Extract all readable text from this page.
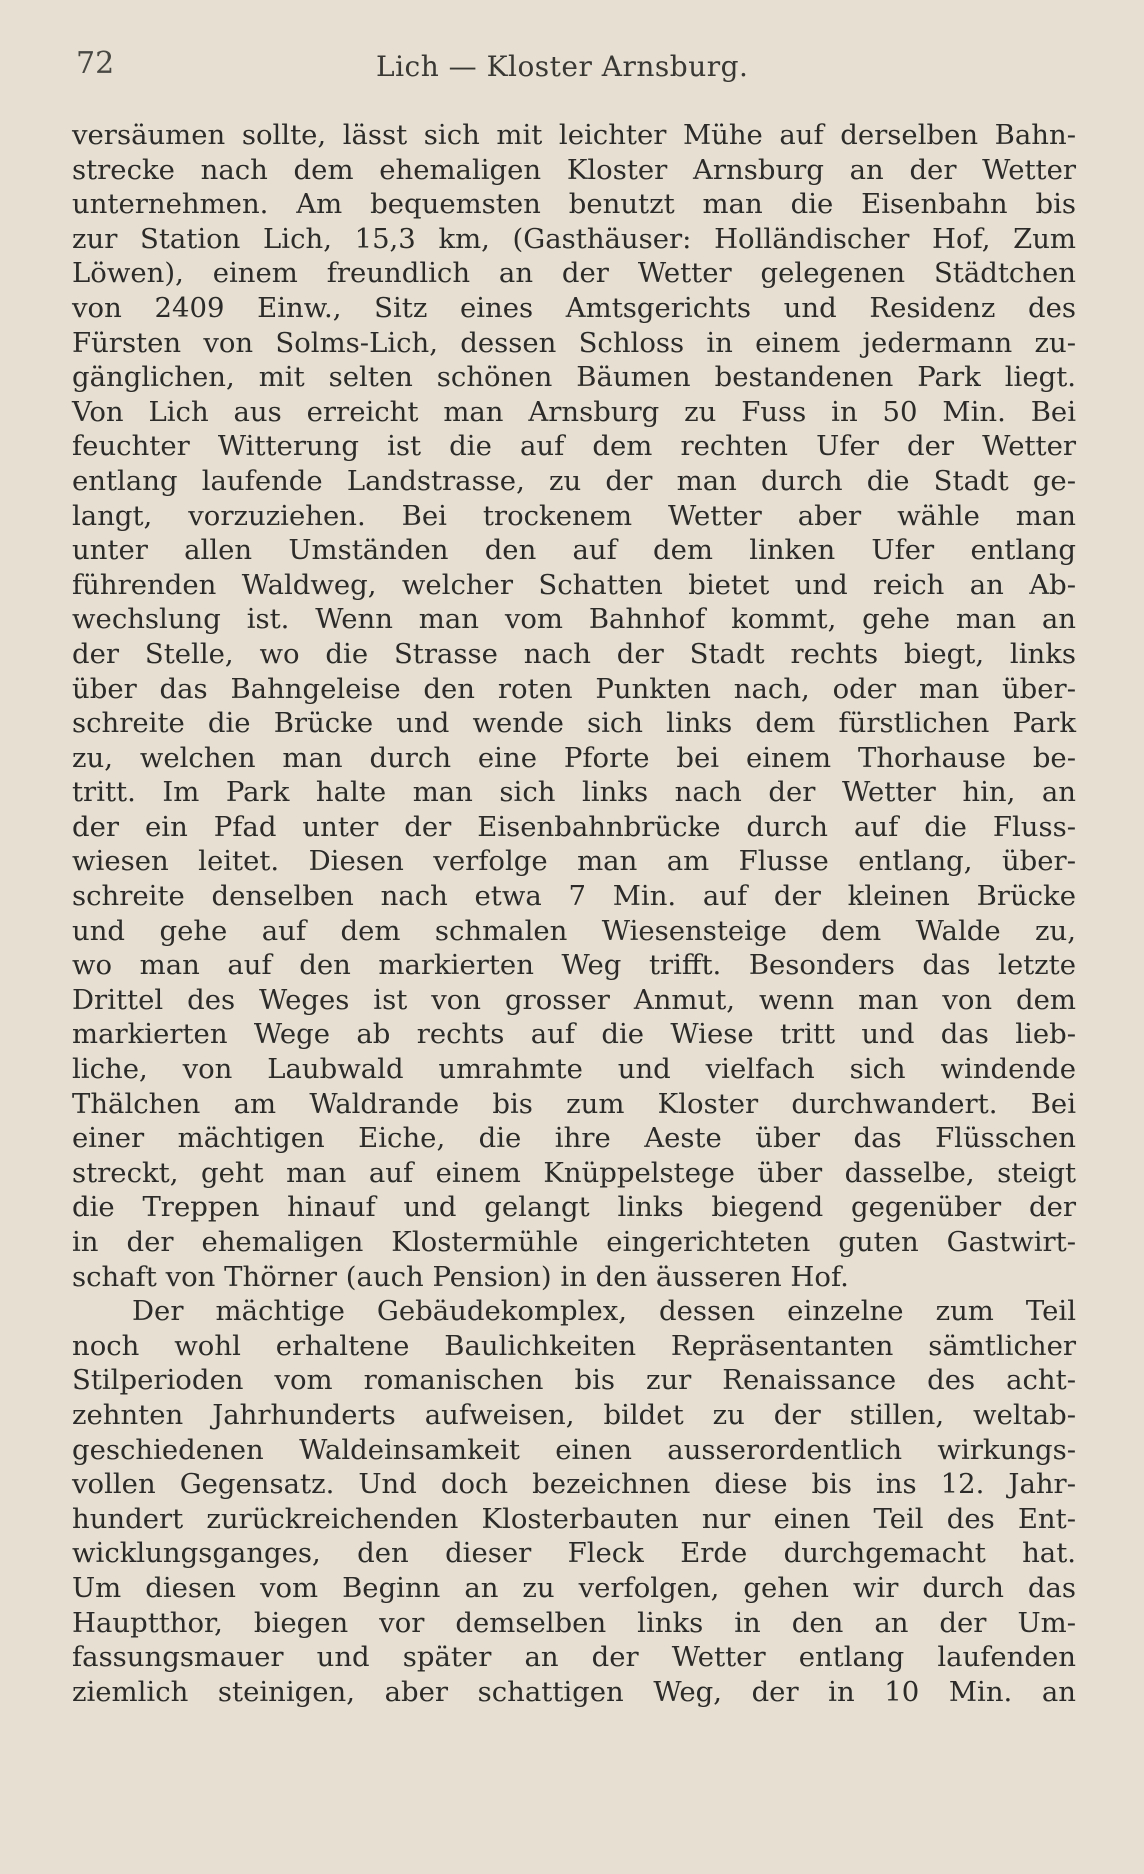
72	Lich — Kloster Arnsburg.
versäumen sollte, lässt sich mit leichter Mühe auf derselben Bahn-
strecke nach dem ehemaligen Kloster Arnsburg an der Wetter
unternehmen. Am bequemsten benutzt man die Eisenbahn bis
zur Station Lich, 15,3 km, (Gasthäuser: Holländischer Hof, Zum
Löwen), einem freundlich an der Wetter gelegenen Städtchen
von 2409 Einw., Sitz eines Amtsgerichts und Residenz des
Fürsten von Solms-Lich, dessen Schloss in einem jedermann zu-
gänglichen, mit selten schönen Bäumen bestandenen Park liegt.
Von Lich aus erreicht man Arnsburg zu Fuss in 50 Min. Bei
feuchter Witterung ist die auf dem rechten Ufer der Wetter
entlang laufende Landstrasse, zu der man durch die Stadt ge-
langt, vorzuziehen. Bei trockenem Wetter aber wähle man
unter allen Umständen den auf dem linken Ufer entlang
führenden Waldweg, welcher Schatten bietet und reich an Ab-
wechslung ist. Wenn man vom Bahnhof kommt, gehe man an
der Stelle, wo die Strasse nach der Stadt rechts biegt, links
über das Bahngeleise den roten Punkten nach, oder man über-
schreite die Brücke und wende sich links dem fürstlichen Park
zu, welchen man durch eine Pforte bei einem Thorhause be-
tritt. Im Park halte man sich links nach der Wetter hin, an
der ein Pfad unter der Eisenbahnbrücke durch auf die Fluss-
wiesen leitet. Diesen verfolge man am Flusse entlang, über-
schreite denselben nach etwa 7 Min. auf der kleinen Brücke
und gehe auf dem schmalen Wiesensteige dem Walde zu,
wo man auf den markierten Weg trifft. Besonders das letzte
Drittel des Weges ist von grosser Anmut, wenn man von dem
markierten Wege ab rechts auf die Wiese tritt und das lieb-
liche, von Laubwald umrahmte und vielfach sich windende
Thälchen am Waldrande bis zum Kloster durchwandert. Bei
einer mächtigen Eiche, die ihre Aeste über das Flüsschen
streckt, geht man auf einem Knüppelstege über dasselbe, steigt
die Treppen hinauf und gelangt links biegend gegenüber der
in der ehemaligen Klostermühle eingerichteten guten Gastwirt-
schaft von Thörner (auch Pension) in den äusseren Hof.
Der mächtige Gebäudekomplex, dessen einzelne zum Teil
noch wohl erhaltene Baulichkeiten Repräsentanten sämtlicher
Stilperioden vom romanischen bis zur Renaissance des acht-
zehnten Jahrhunderts aufweisen, bildet zu der stillen, weltab-
geschiedenen Waldeinsamkeit einen ausserordentlich wirkungs-
vollen Gegensatz. Und doch bezeichnen diese bis ins 12. Jahr-
hundert zurückreichenden Klosterbauten nur einen Teil des Ent-
wicklungsganges, den dieser Fleck Erde durchgemacht hat.
Um diesen vom Beginn an zu verfolgen, gehen wir durch das
Hauptthor, biegen vor demselben links in den an der Um-
fassungsmauer und später an der Wetter entlang laufenden
ziemlich steinigen, aber schattigen Weg, der in 10 Min. an
